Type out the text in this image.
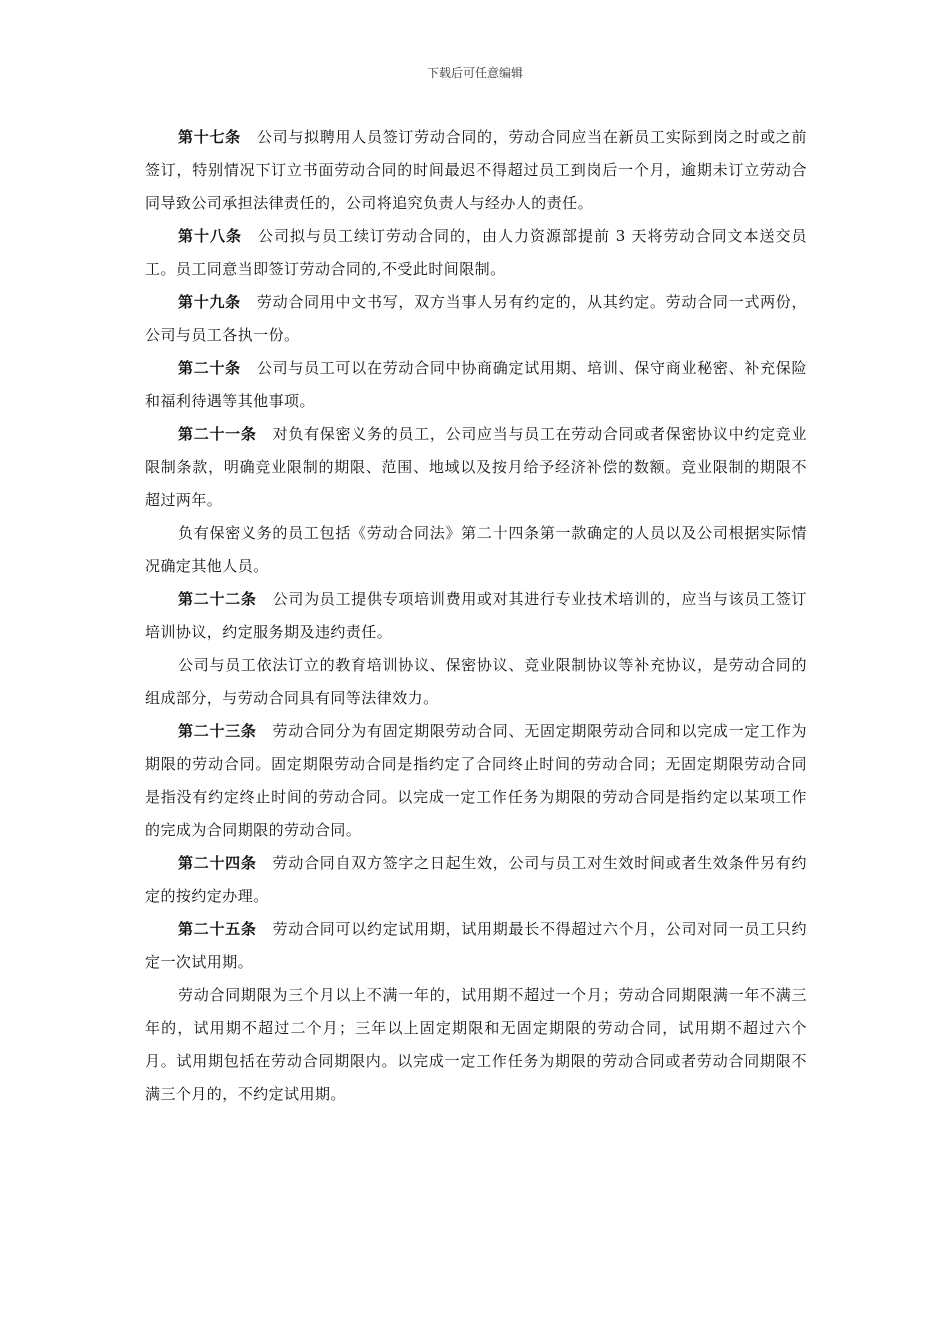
下载后可任意编辑

第十七条 公司与拟聘用人员签订劳动合同的，劳动合同应当在新员工实际到岗之时或之前签订，特别情况下订立书面劳动合同的时间最迟不得超过员工到岗后一个月，逾期未订立劳动合同导致公司承担法律责任的，公司将追究负责人与经办人的责任。

第十八条 公司拟与员工续订劳动合同的，由人力资源部提前 3 天将劳动合同文本送交员工。员工同意当即签订劳动合同的,不受此时间限制。

第十九条 劳动合同用中文书写，双方当事人另有约定的，从其约定。劳动合同一式两份，公司与员工各执一份。

第二十条 公司与员工可以在劳动合同中协商确定试用期、培训、保守商业秘密、补充保险和福利待遇等其他事项。

第二十一条 对负有保密义务的员工，公司应当与员工在劳动合同或者保密协议中约定竞业限制条款，明确竞业限制的期限、范围、地域以及按月给予经济补偿的数额。竞业限制的期限不超过两年。

负有保密义务的员工包括《劳动合同法》第二十四条第一款确定的人员以及公司根据实际情况确定其他人员。

第二十二条 公司为员工提供专项培训费用或对其进行专业技术培训的，应当与该员工签订培训协议，约定服务期及违约责任。

公司与员工依法订立的教育培训协议、保密协议、竞业限制协议等补充协议，是劳动合同的组成部分，与劳动合同具有同等法律效力。

第二十三条 劳动合同分为有固定期限劳动合同、无固定期限劳动合同和以完成一定工作为期限的劳动合同。固定期限劳动合同是指约定了合同终止时间的劳动合同；无固定期限劳动合同是指没有约定终止时间的劳动合同。以完成一定工作任务为期限的劳动合同是指约定以某项工作的完成为合同期限的劳动合同。

第二十四条 劳动合同自双方签字之日起生效，公司与员工对生效时间或者生效条件另有约定的按约定办理。

第二十五条 劳动合同可以约定试用期，试用期最长不得超过六个月，公司对同一员工只约定一次试用期。

劳动合同期限为三个月以上不满一年的，试用期不超过一个月；劳动合同期限满一年不满三年的，试用期不超过二个月；三年以上固定期限和无固定期限的劳动合同，试用期不超过六个月。试用期包括在劳动合同期限内。以完成一定工作任务为期限的劳动合同或者劳动合同期限不满三个月的，不约定试用期。
